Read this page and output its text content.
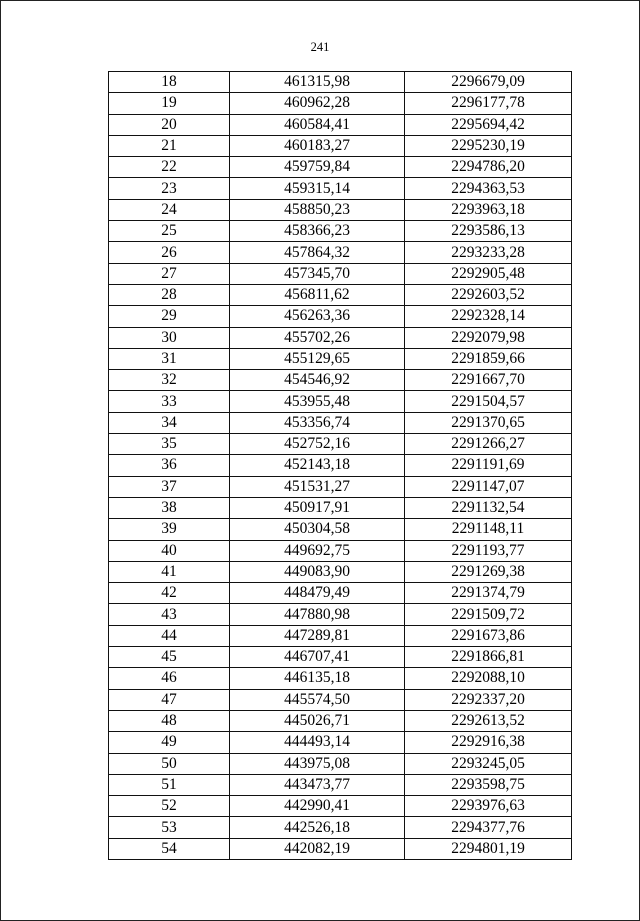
241
18	461315,98	2296679,09
19	460962,28	2296177,78
20	460584,41	2295694,42
21	460183,27	2295230,19
22	459759,84	2294786,20
23	459315,14	2294363,53
24	458850,23	2293963,18
25	458366,23	2293586,13
26	457864,32	2293233,28
27	457345,70	2292905,48
28	456811,62	2292603,52
29	456263,36	2292328,14
30	455702,26	2292079,98
31	455129,65	2291859,66
32	454546,92	2291667,70
33	453955,48	2291504,57
34	453356,74	2291370,65
35	452752,16	2291266,27
36	452143,18	2291191,69
37	451531,27	2291147,07
38	450917,91	2291132,54
39	450304,58	2291148,11
40	449692,75	2291193,77
41	449083,90	2291269,38
42	448479,49	2291374,79
43	447880,98	2291509,72
44	447289,81	2291673,86
45	446707,41	2291866,81
46	446135,18	2292088,10
47	445574,50	2292337,20
48	445026,71	2292613,52
49	444493,14	2292916,38
50	443975,08	2293245,05
51	443473,77	2293598,75
52	442990,41	2293976,63
53	442526,18	2294377,76
54	442082,19	2294801,19
